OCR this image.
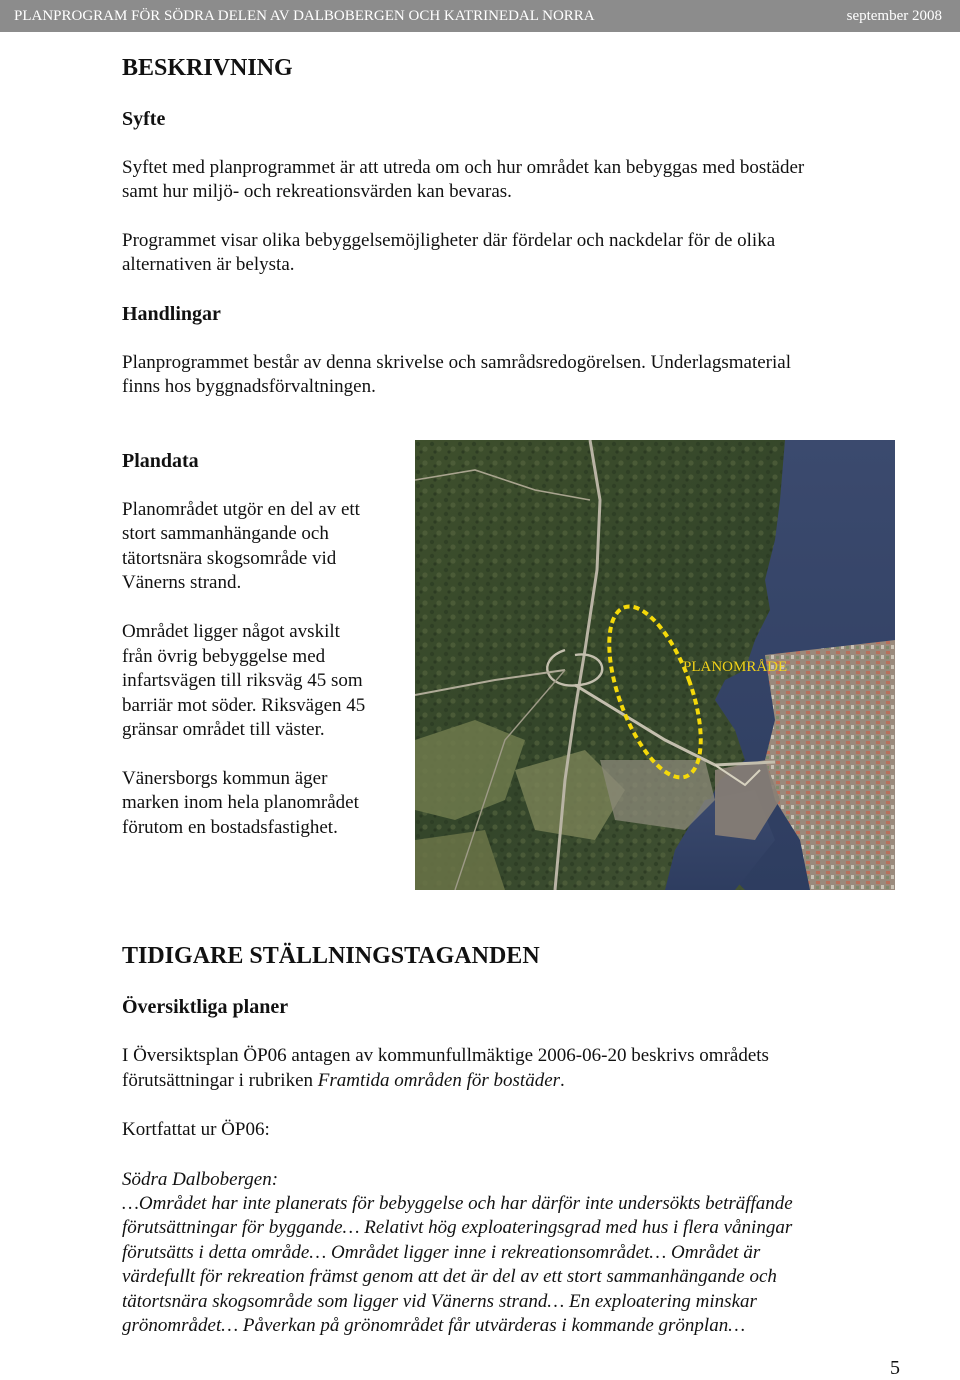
PLANPROGRAM FÖR SÖDRA DELEN AV DALBOBERGEN OCH KATRINEDAL NORRA	september 2008
BESKRIVNING
Syfte
Syftet med planprogrammet är att utreda om och hur området kan bebyggas med bostäder
samt hur miljö- och rekreationsvärden kan bevaras.
Programmet visar olika bebyggelsemöjligheter där fördelar och nackdelar för de olika
alternativen är belysta.
Handlingar
Planprogrammet består av denna skrivelse och samrådsredogörelsen. Underlagsmaterial
finns hos byggnadsförvaltningen.
Plandata
Planområdet utgör en del av ett
stort sammanhängande och
tätortsnära skogsområde vid
Vänerns strand.
Området ligger något avskilt
från övrig bebyggelse med
infartsvägen till riksväg 45 som
barriär mot söder. Riksvägen 45
gränsar området till väster.
Vänersborgs kommun äger
marken inom hela planområdet
förutom en bostadsfastighet.
PLANOMRÅDE
TIDIGARE STÄLLNINGSTAGANDEN
Översiktliga planer
I Översiktsplan ÖP06 antagen av kommunfullmäktige 2006-06-20 beskrivs områdets
förutsättningar i rubriken Framtida områden för bostäder.
Kortfattat ur ÖP06:
Södra Dalbobergen:
…Området har inte planerats för bebyggelse och har därför inte undersökts beträffande
förutsättningar för byggande… Relativt hög exploateringsgrad med hus i flera våningar
förutsätts i detta område… Området ligger inne i rekreationsområdet… Området är
värdefullt för rekreation främst genom att det är del av ett stort sammanhängande och
tätortsnära skogsområde som ligger vid Vänerns strand… En exploatering minskar
grönområdet… Påverkan på grönområdet får utvärderas i kommande grönplan…
5
